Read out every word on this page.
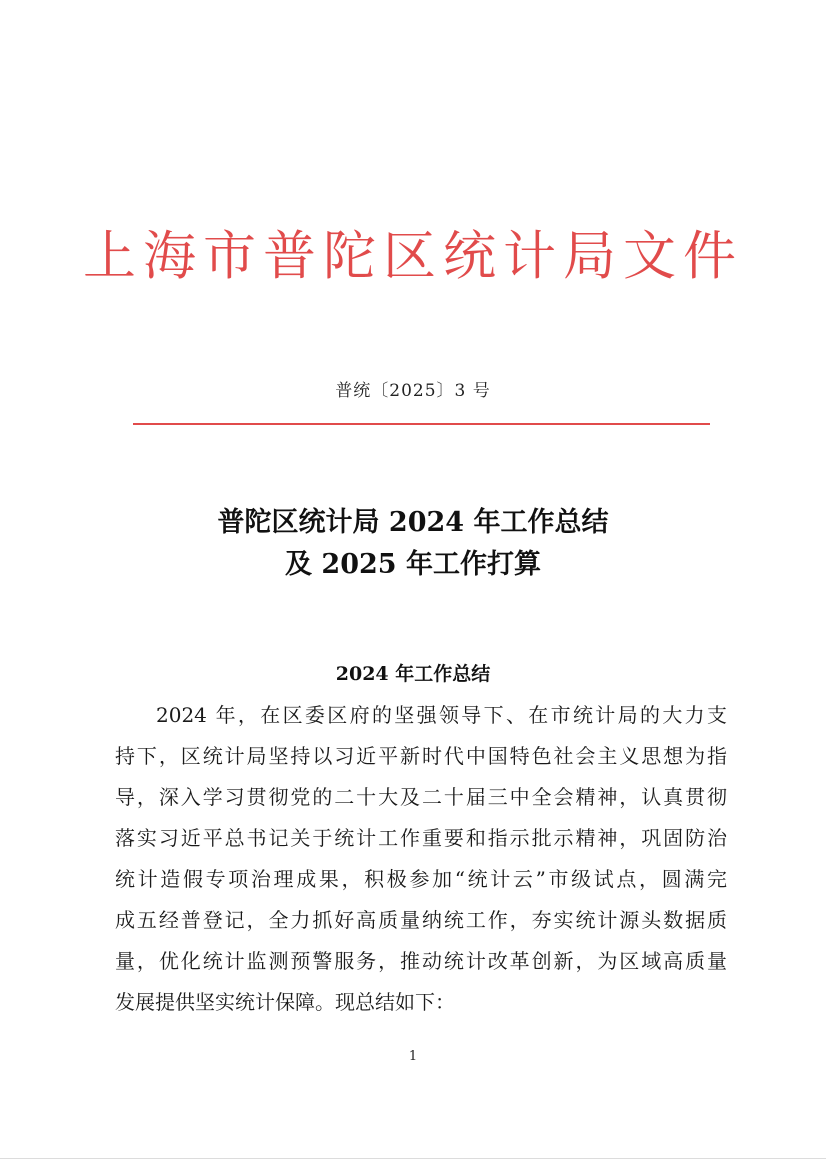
上海市普陀区统计局文件
普统〔2025〕3 号
普陀区统计局 2024 年工作总结
及 2025 年工作打算
2024 年工作总结
2024 年，在区委区府的坚强领导下、在市统计局的大力支
持下，区统计局坚持以习近平新时代中国特色社会主义思想为指
导，深入学习贯彻党的二十大及二十届三中全会精神，认真贯彻
落实习近平总书记关于统计工作重要和指示批示精神，巩固防治
统计造假专项治理成果，积极参加“统计云”市级试点，圆满完
成五经普登记，全力抓好高质量纳统工作，夯实统计源头数据质
量，优化统计监测预警服务，推动统计改革创新，为区域高质量
发展提供坚实统计保障。现总结如下：
1
